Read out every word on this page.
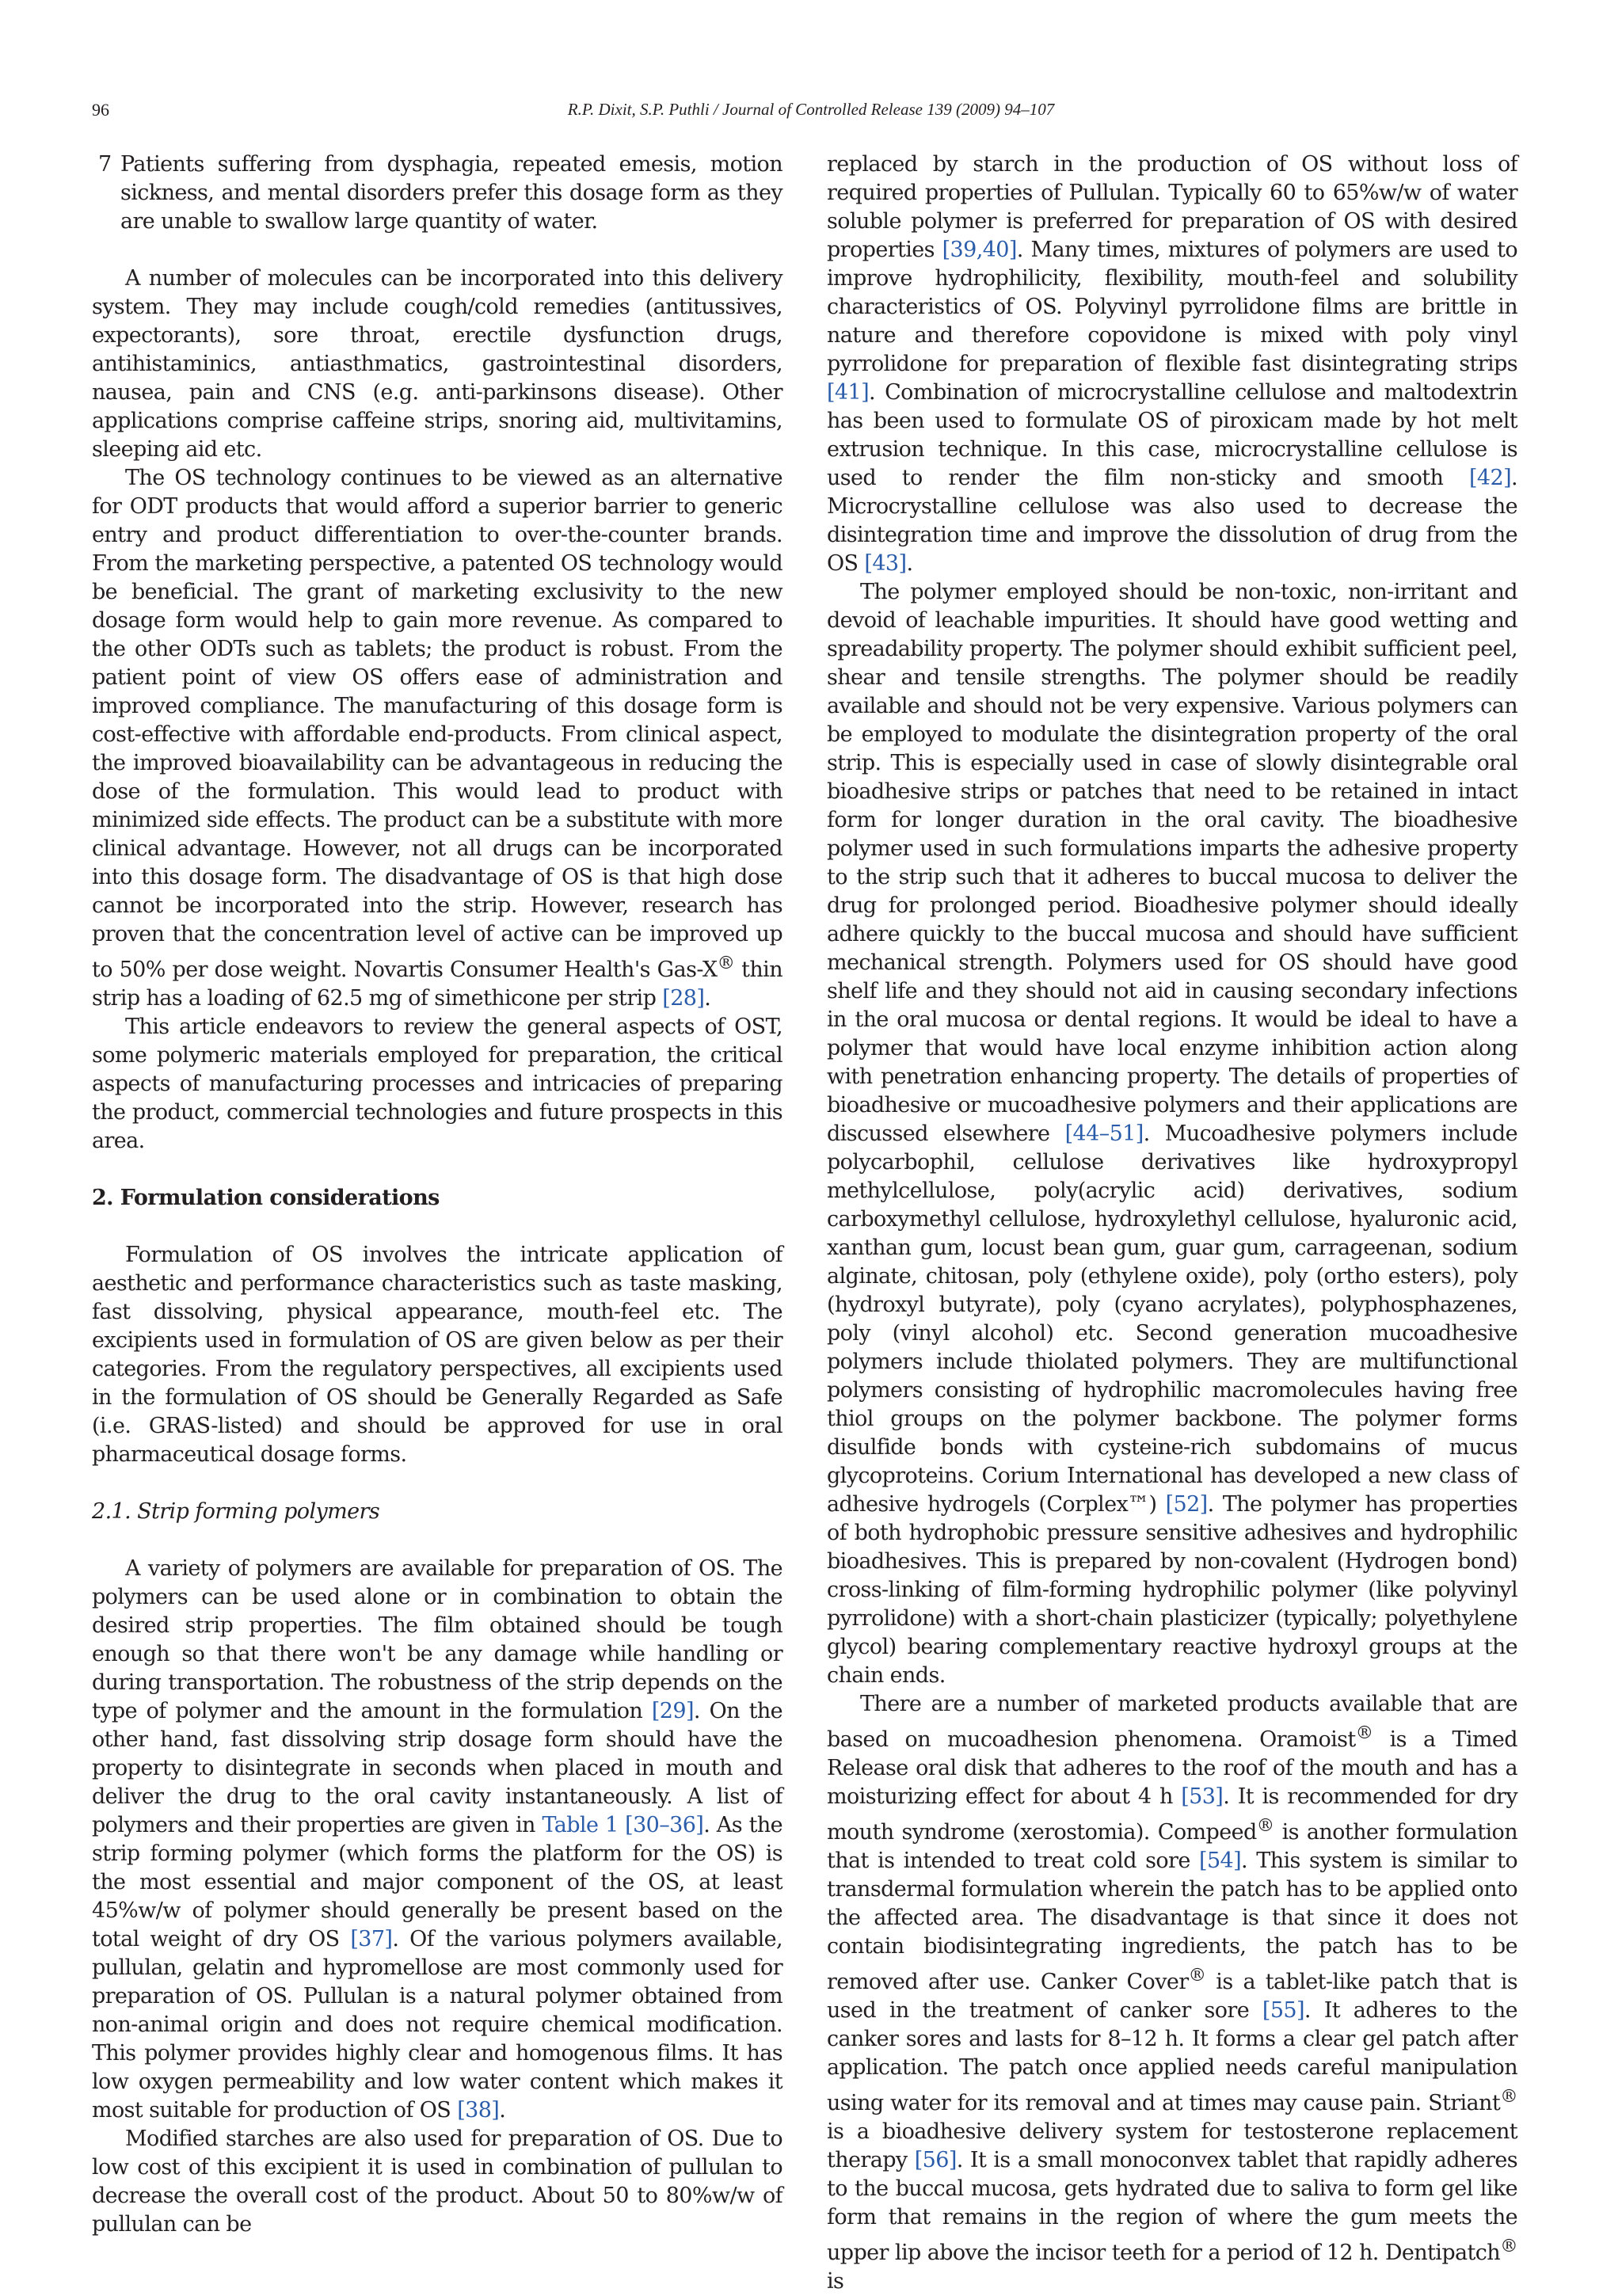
96	R.P. Dixit, S.P. Puthli / Journal of Controlled Release 139 (2009) 94–107
7 Patients suffering from dysphagia, repeated emesis, motion sickness, and mental disorders prefer this dosage form as they are unable to swallow large quantity of water.

A number of molecules can be incorporated into this delivery system. They may include cough/cold remedies (antitussives, expectorants), sore throat, erectile dysfunction drugs, antihistaminics, antiasthmatics, gastrointestinal disorders, nausea, pain and CNS (e.g. anti-parkinsons disease). Other applications comprise caffeine strips, snoring aid, multivitamins, sleeping aid etc.

The OS technology continues to be viewed as an alternative for ODT products that would afford a superior barrier to generic entry and product differentiation to over-the-counter brands. From the marketing perspective, a patented OS technology would be beneficial. The grant of marketing exclusivity to the new dosage form would help to gain more revenue. As compared to the other ODTs such as tablets; the product is robust. From the patient point of view OS offers ease of administration and improved compliance. The manufacturing of this dosage form is cost-effective with affordable end-products. From clinical aspect, the improved bioavailability can be advantageous in reducing the dose of the formulation. This would lead to product with minimized side effects. The product can be a substitute with more clinical advantage. However, not all drugs can be incorporated into this dosage form. The disadvantage of OS is that high dose cannot be incorporated into the strip. However, research has proven that the concentration level of active can be improved up to 50% per dose weight. Novartis Consumer Health's Gas-X® thin strip has a loading of 62.5 mg of simethicone per strip [28].

This article endeavors to review the general aspects of OST, some polymeric materials employed for preparation, the critical aspects of manufacturing processes and intricacies of preparing the product, commercial technologies and future prospects in this area.

2. Formulation considerations

Formulation of OS involves the intricate application of aesthetic and performance characteristics such as taste masking, fast dissolving, physical appearance, mouth-feel etc. The excipients used in formulation of OS are given below as per their categories. From the regulatory perspectives, all excipients used in the formulation of OS should be Generally Regarded as Safe (i.e. GRAS-listed) and should be approved for use in oral pharmaceutical dosage forms.

2.1. Strip forming polymers

A variety of polymers are available for preparation of OS. The polymers can be used alone or in combination to obtain the desired strip properties. The film obtained should be tough enough so that there won't be any damage while handling or during transportation. The robustness of the strip depends on the type of polymer and the amount in the formulation [29]. On the other hand, fast dissolving strip dosage form should have the property to disintegrate in seconds when placed in mouth and deliver the drug to the oral cavity instantaneously. A list of polymers and their properties are given in Table 1 [30–36]. As the strip forming polymer (which forms the platform for the OS) is the most essential and major component of the OS, at least 45%w/w of polymer should generally be present based on the total weight of dry OS [37]. Of the various polymers available, pullulan, gelatin and hypromellose are most commonly used for preparation of OS. Pullulan is a natural polymer obtained from non-animal origin and does not require chemical modification. This polymer provides highly clear and homogenous films. It has low oxygen permeability and low water content which makes it most suitable for production of OS [38].

Modified starches are also used for preparation of OS. Due to low cost of this excipient it is used in combination of pullulan to decrease the overall cost of the product. About 50 to 80%w/w of pullulan can be

replaced by starch in the production of OS without loss of required properties of Pullulan. Typically 60 to 65%w/w of water soluble polymer is preferred for preparation of OS with desired properties [39,40]. Many times, mixtures of polymers are used to improve hydrophilicity, flexibility, mouth-feel and solubility characteristics of OS. Polyvinyl pyrrolidone films are brittle in nature and therefore copovidone is mixed with poly vinyl pyrrolidone for preparation of flexible fast disintegrating strips [41]. Combination of microcrystalline cellulose and maltodextrin has been used to formulate OS of piroxicam made by hot melt extrusion technique. In this case, microcrystalline cellulose is used to render the film non-sticky and smooth [42]. Microcrystalline cellulose was also used to decrease the disintegration time and improve the dissolution of drug from the OS [43].

The polymer employed should be non-toxic, non-irritant and devoid of leachable impurities. It should have good wetting and spreadability property. The polymer should exhibit sufficient peel, shear and tensile strengths. The polymer should be readily available and should not be very expensive. Various polymers can be employed to modulate the disintegration property of the oral strip. This is especially used in case of slowly disintegrable oral bioadhesive strips or patches that need to be retained in intact form for longer duration in the oral cavity. The bioadhesive polymer used in such formulations imparts the adhesive property to the strip such that it adheres to buccal mucosa to deliver the drug for prolonged period. Bioadhesive polymer should ideally adhere quickly to the buccal mucosa and should have sufficient mechanical strength. Polymers used for OS should have good shelf life and they should not aid in causing secondary infections in the oral mucosa or dental regions. It would be ideal to have a polymer that would have local enzyme inhibition action along with penetration enhancing property. The details of properties of bioadhesive or mucoadhesive polymers and their applications are discussed elsewhere [44–51]. Mucoadhesive polymers include polycarbophil, cellulose derivatives like hydroxypropyl methylcellulose, poly(acrylic acid) derivatives, sodium carboxymethyl cellulose, hydroxylethyl cellulose, hyaluronic acid, xanthan gum, locust bean gum, guar gum, carrageenan, sodium alginate, chitosan, poly (ethylene oxide), poly (ortho esters), poly (hydroxyl butyrate), poly (cyano acrylates), polyphosphazenes, poly (vinyl alcohol) etc. Second generation mucoadhesive polymers include thiolated polymers. They are multifunctional polymers consisting of hydrophilic macromolecules having free thiol groups on the polymer backbone. The polymer forms disulfide bonds with cysteine-rich subdomains of mucus glycoproteins. Corium International has developed a new class of adhesive hydrogels (Corplex™) [52]. The polymer has properties of both hydrophobic pressure sensitive adhesives and hydrophilic bioadhesives. This is prepared by non-covalent (Hydrogen bond) cross-linking of film-forming hydrophilic polymer (like polyvinyl pyrrolidone) with a short-chain plasticizer (typically; polyethylene glycol) bearing complementary reactive hydroxyl groups at the chain ends.

There are a number of marketed products available that are based on mucoadhesion phenomena. Oramoist® is a Timed Release oral disk that adheres to the roof of the mouth and has a moisturizing effect for about 4 h [53]. It is recommended for dry mouth syndrome (xerostomia). Compeed® is another formulation that is intended to treat cold sore [54]. This system is similar to transdermal formulation wherein the patch has to be applied onto the affected area. The disadvantage is that since it does not contain biodisintegrating ingredients, the patch has to be removed after use. Canker Cover® is a tablet-like patch that is used in the treatment of canker sore [55]. It adheres to the canker sores and lasts for 8–12 h. It forms a clear gel patch after application. The patch once applied needs careful manipulation using water for its removal and at times may cause pain. Striant® is a bioadhesive delivery system for testosterone replacement therapy [56]. It is a small monoconvex tablet that rapidly adheres to the buccal mucosa, gets hydrated due to saliva to form gel like form that remains in the region of where the gum meets the upper lip above the incisor teeth for a period of 12 h. Dentipatch® is
